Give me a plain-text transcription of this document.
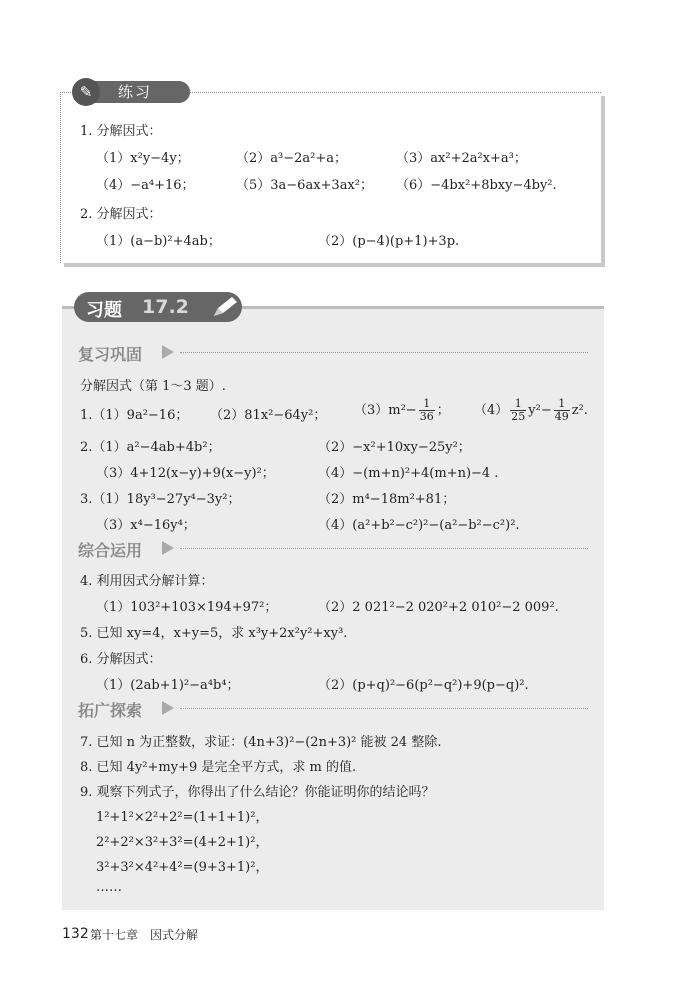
练习
✎
1. 分解因式：
（1）x²y−4y；	（2）a³−2a²+a；	（3）ax²+2a²x+a³；
（4）−a⁴+16；	（5）3a−6ax+3ax²； （6）−4bx²+8bxy−4by².
2. 分解因式：
（1）(a−b)²+4ab；	（2）(p−4)(p+1)+3p.
习题 17.2
复习巩固
分解因式（第 1～3 题）.
1.（1）9a²−16； （2）81x²−64y²； $(3)m^2- \frac{1}{36}$ ； $(4) \frac{1}{25} y^2- \frac{1}{49} z^2$.
2.（1）a²−4ab+4b²；	（2）−x²+10xy−25y²；
（3）4+12(x−y)+9(x−y)²；	（4）−(m+n)²+4(m+n)−4 .
3.（1）18y³−27y⁴−3y²；	（2）m⁴−18m²+81；
（3）x⁴−16y⁴；	（4）(a²+b²−c²)²−(a²−b²−c²)².
综合运用
4. 利用因式分解计算：
（1）103²+103×194+97²；	（2）2 021²−2 020²+2 010²−2 009².
5. 已知 xy=4，x+y=5，求 x³y+2x²y²+xy³.
6. 分解因式：
（1）(2ab+1)²−a⁴b⁴；	（2）(p+q)²−6(p²−q²)+9(p−q)².
拓广探索
7. 已知 n 为正整数，求证：(4n+3)²−(2n+3)² 能被 24 整除.
8. 已知 4y²+my+9 是完全平方式，求 m 的值.
9. 观察下列式子，你得出了什么结论？你能证明你的结论吗？
1²+1²×2²+2²=(1+1+1)²，
2²+2²×3²+3²=(4+2+1)²，
3²+3²×4²+4²=(9+3+1)²，
……
132 第十七章　因式分解
